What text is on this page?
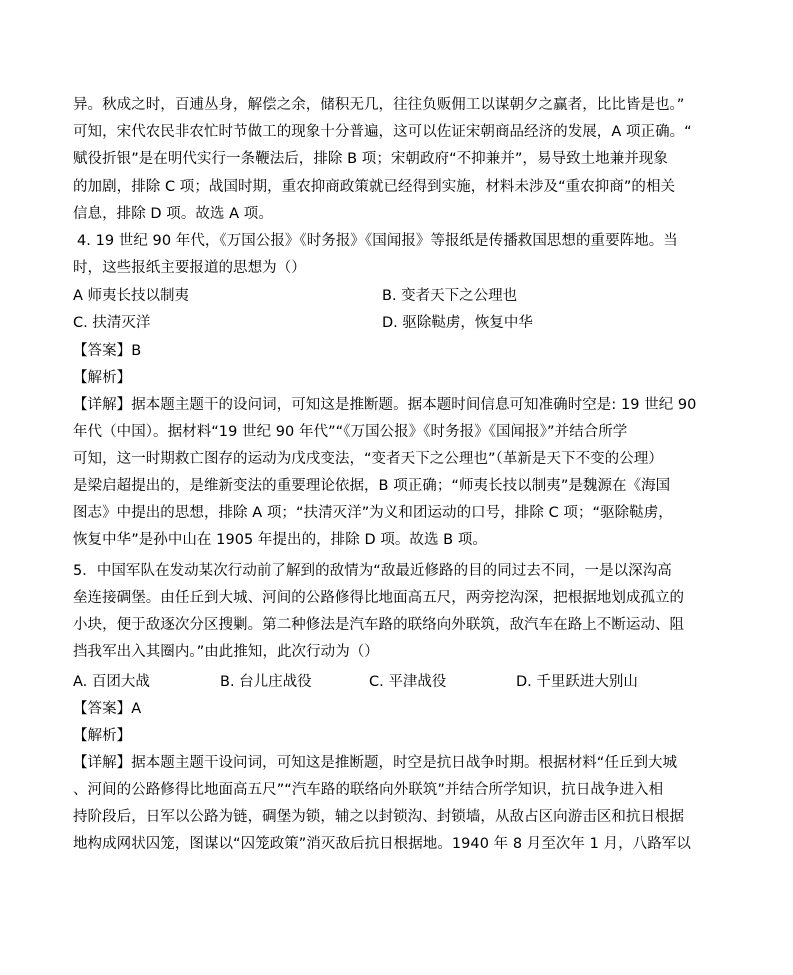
异。秋成之时，百逋丛身，解偿之余，储积无几，往往负贩佣工以谋朝夕之赢者，比比皆是也。”
可知，宋代农民非农忙时节做工的现象十分普遍，这可以佐证宋朝商品经济的发展，A 项正确。“
赋役折银”是在明代实行一条鞭法后，排除 B 项；宋朝政府“不抑兼并”，易导致土地兼并现象
的加剧，排除 C 项；战国时期，重农抑商政策就已经得到实施，材料未涉及“重农抑商”的相关
信息，排除 D 项。故选 A 项。
4. 19 世纪 90 年代，《万国公报》《时务报》《国闻报》等报纸是传播救国思想的重要阵地。当
时，这些报纸主要报道的思想为（）
A 师夷长技以制夷	B. 变者天下之公理也
C. 扶清灭洋	D. 驱除鞑虏，恢复中华
【答案】B
【解析】
【详解】据本题主题干的设问词，可知这是推断题。据本题时间信息可知准确时空是: 19 世纪 90
年代（中国）。据材料“19 世纪 90 年代”“《万国公报》《时务报》《国闻报》”并结合所学
可知，这一时期救亡图存的运动为戊戌变法，“变者天下之公理也”（革新是天下不变的公理）
是梁启超提出的，是维新变法的重要理论依据，B 项正确；“师夷长技以制夷”是魏源在《海国
图志》中提出的思想，排除 A 项；“扶清灭洋”为义和团运动的口号，排除 C 项；“驱除鞑虏，
恢复中华”是孙中山在 1905 年提出的，排除 D 项。故选 B 项。
5．中国军队在发动某次行动前了解到的敌情为“敌最近修路的目的同过去不同，一是以深沟高
垒连接碉堡。由任丘到大城、河间的公路修得比地面高五尺，两旁挖沟深，把根据地划成孤立的
小块，便于敌逐次分区搜剿。第二种修法是汽车路的联络向外联筑，敌汽车在路上不断运动、阻
挡我军出入其圈内。”由此推知，此次行动为（）
A. 百团大战	B. 台儿庄战役	C. 平津战役	D. 千里跃进大别山
【答案】A
【解析】
【详解】据本题主题干设问词，可知这是推断题，时空是抗日战争时期。根据材料“任丘到大城
、河间的公路修得比地面高五尺”“汽车路的联络向外联筑”并结合所学知识，抗日战争进入相
持阶段后，日军以公路为链，碉堡为锁，辅之以封锁沟、封锁墙，从敌占区向游击区和抗日根据
地构成网状囚笼，图谋以“囚笼政策”消灭敌后抗日根据地。1940 年 8 月至次年 1 月，八路军以
